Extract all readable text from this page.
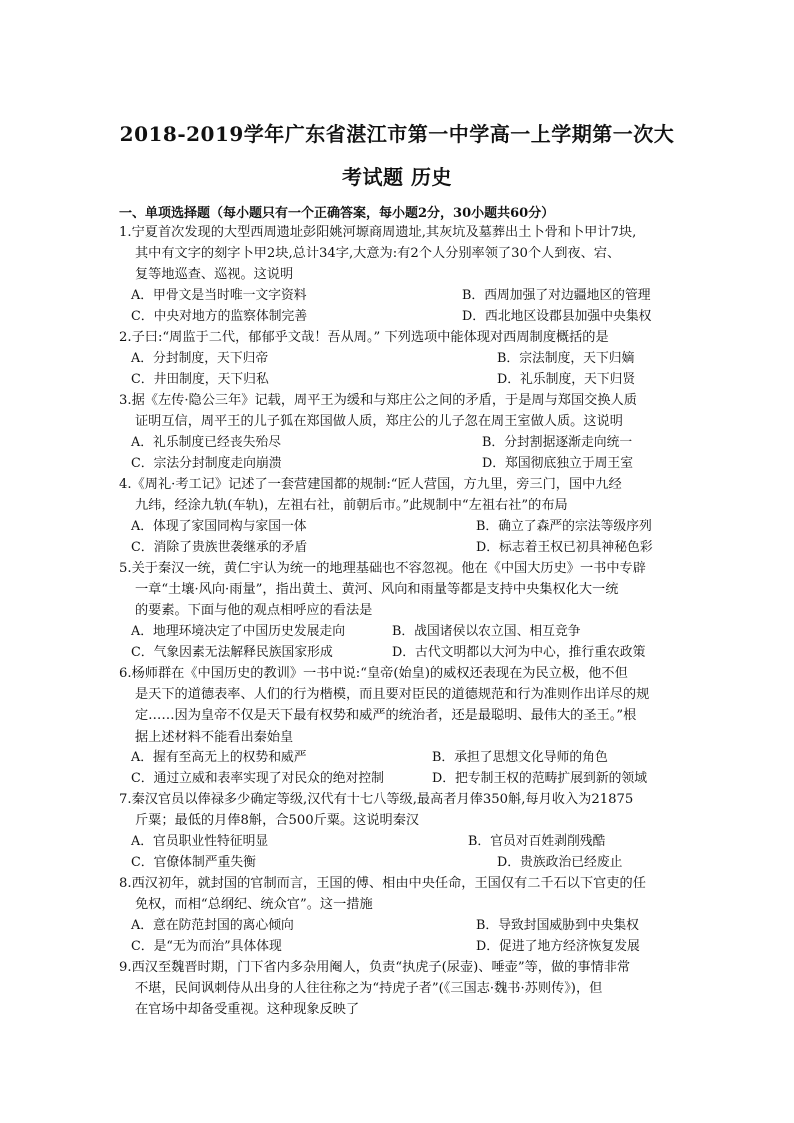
2018-2019学年广东省湛江市第一中学高一上学期第一次大
考试题 历史
一、单项选择题（每小题只有一个正确答案，每小题2分，30小题共60分）
1.宁夏首次发现的大型西周遗址彭阳姚河塬商周遗址,其灰坑及墓葬出土卜骨和卜甲计7块,
其中有文字的刻字卜甲2块,总计34字,大意为:有2个人分别率领了30个人到夜、宕、
复等地巡查、巡视。这说明
A．甲骨文是当时唯一文字资料	B．西周加强了对边疆地区的管理
C．中央对地方的监察体制完善	D．西北地区设郡县加强中央集权
2.子曰:“周监于二代，郁郁乎文哉！吾从周。” 下列选项中能体现对西周制度概括的是
A．分封制度，天下归帝	B．宗法制度，天下归嫡
C．井田制度，天下归私	D．礼乐制度，天下归贤
3.据《左传·隐公三年》记载，周平王为缓和与郑庄公之间的矛盾，于是周与郑国交换人质
证明互信，周平王的儿子狐在郑国做人质，郑庄公的儿子忽在周王室做人质。这说明
A．礼乐制度已经丧失殆尽	B．分封割据逐渐走向统一
C．宗法分封制度走向崩溃	D．郑国彻底独立于周王室
4.《周礼·考工记》记述了一套营建国都的规制:“匠人营国，方九里，旁三门，国中九经
九纬，经涂九轨(车轨)，左祖右社，前朝后市。”此规制中“左祖右社”的布局
A．体现了家国同构与家国一体	B．确立了森严的宗法等级序列
C．消除了贵族世袭继承的矛盾	D．标志着王权已初具神秘色彩
5.关于秦汉一统，黄仁宇认为统一的地理基础也不容忽视。他在《中国大历史》一书中专辟
一章“土壤·风向·雨量”，指出黄土、黄河、风向和雨量等都是支持中央集权化大一统
的要素。下面与他的观点相呼应的看法是
A．地理环境决定了中国历史发展走向	B．战国诸侯以农立国、相互竞争
C．气象因素无法解释民族国家形成	D．古代文明都以大河为中心，推行重农政策
6.杨师群在《中国历史的教训》一书中说:“皇帝(始皇)的威权还表现在为民立极，他不但
是天下的道德表率、人们的行为楷模，而且要对臣民的道德规范和行为准则作出详尽的规
定……因为皇帝不仅是天下最有权势和威严的统治者，还是最聪明、最伟大的圣王。”根
据上述材料不能看出秦始皇
A．握有至高无上的权势和威严	B．承担了思想文化导师的角色
C．通过立威和表率实现了对民众的绝对控制	D．把专制王权的范畴扩展到新的领域
7.秦汉官员以俸禄多少确定等级,汉代有十七八等级,最高者月俸350斛,每月收入为21875
斤粟；最低的月俸8斛，合500斤粟。这说明秦汉
A．官员职业性特征明显	B．官员对百姓剥削残酷
C．官僚体制严重失衡	D．贵族政治已经废止
8.西汉初年，就封国的官制而言，王国的傅、相由中央任命，王国仅有二千石以下官吏的任
免权，而相“总纲纪、统众官”。这一措施
A．意在防范封国的离心倾向	B．导致封国威胁到中央集权
C．是“无为而治”具体体现	D．促进了地方经济恢复发展
9.西汉至魏晋时期，门下省内多杂用阉人，负责“执虎子(尿壶)、唾壶”等，做的事情非常
不堪，民间讽刺侍从出身的人往往称之为“持虎子者”(《三国志·魏书·苏则传》)，但
在官场中却备受重视。这种现象反映了
